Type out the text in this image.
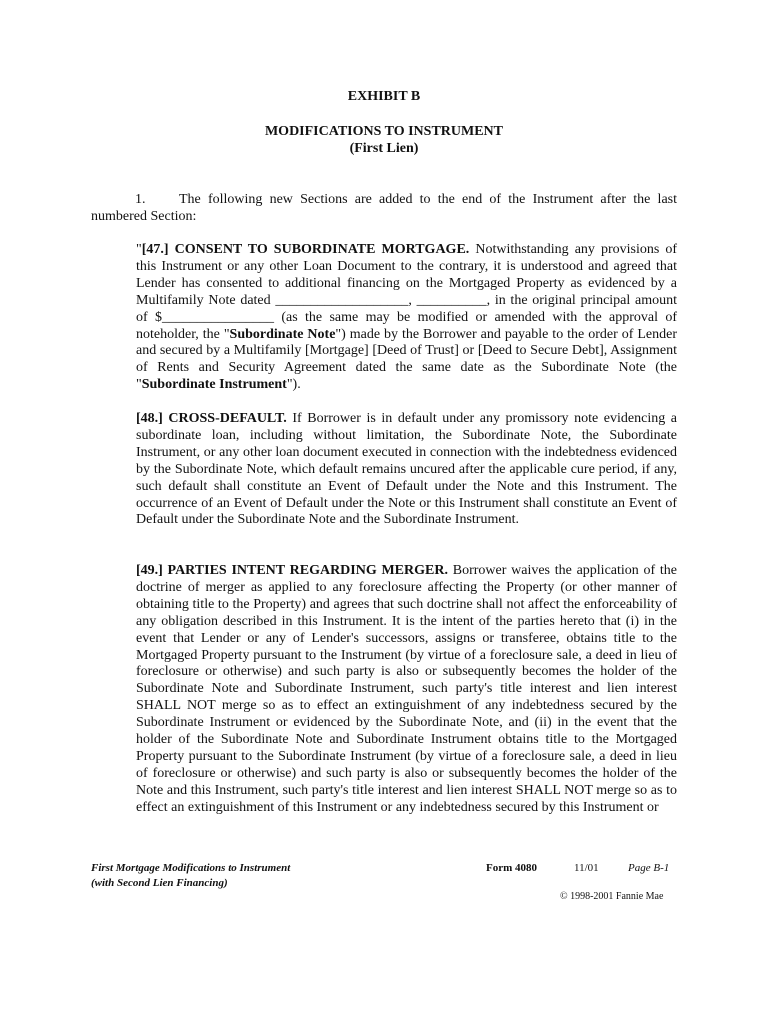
EXHIBIT B
MODIFICATIONS TO INSTRUMENT
(First Lien)
1. The following new Sections are added to the end of the Instrument after the last numbered Section:
"[47.] CONSENT TO SUBORDINATE MORTGAGE. Notwithstanding any provisions of this Instrument or any other Loan Document to the contrary, it is understood and agreed that Lender has consented to additional financing on the Mortgaged Property as evidenced by a Multifamily Note dated ___________________, __________, in the original principal amount of $________________ (as the same may be modified or amended with the approval of noteholder, the "Subordinate Note") made by the Borrower and payable to the order of Lender and secured by a Multifamily [Mortgage] [Deed of Trust] or [Deed to Secure Debt], Assignment of Rents and Security Agreement dated the same date as the Subordinate Note (the "Subordinate Instrument").
[48.] CROSS-DEFAULT. If Borrower is in default under any promissory note evidencing a subordinate loan, including without limitation, the Subordinate Note, the Subordinate Instrument, or any other loan document executed in connection with the indebtedness evidenced by the Subordinate Note, which default remains uncured after the applicable cure period, if any, such default shall constitute an Event of Default under the Note and this Instrument. The occurrence of an Event of Default under the Note or this Instrument shall constitute an Event of Default under the Subordinate Note and the Subordinate Instrument.
[49.] PARTIES INTENT REGARDING MERGER. Borrower waives the application of the doctrine of merger as applied to any foreclosure affecting the Property (or other manner of obtaining title to the Property) and agrees that such doctrine shall not affect the enforceability of any obligation described in this Instrument. It is the intent of the parties hereto that (i) in the event that Lender or any of Lender's successors, assigns or transferee, obtains title to the Mortgaged Property pursuant to the Instrument (by virtue of a foreclosure sale, a deed in lieu of foreclosure or otherwise) and such party is also or subsequently becomes the holder of the Subordinate Note and Subordinate Instrument, such party's title interest and lien interest SHALL NOT merge so as to effect an extinguishment of any indebtedness secured by the Subordinate Instrument or evidenced by the Subordinate Note, and (ii) in the event that the holder of the Subordinate Note and Subordinate Instrument obtains title to the Mortgaged Property pursuant to the Subordinate Instrument (by virtue of a foreclosure sale, a deed in lieu of foreclosure or otherwise) and such party is also or subsequently becomes the holder of the Note and this Instrument, such party's title interest and lien interest SHALL NOT merge so as to effect an extinguishment of this Instrument or any indebtedness secured by this Instrument or
First Mortgage Modifications to Instrument
(with Second Lien Financing)
Form 4080	11/01	Page B-1
© 1998-2001 Fannie Mae
